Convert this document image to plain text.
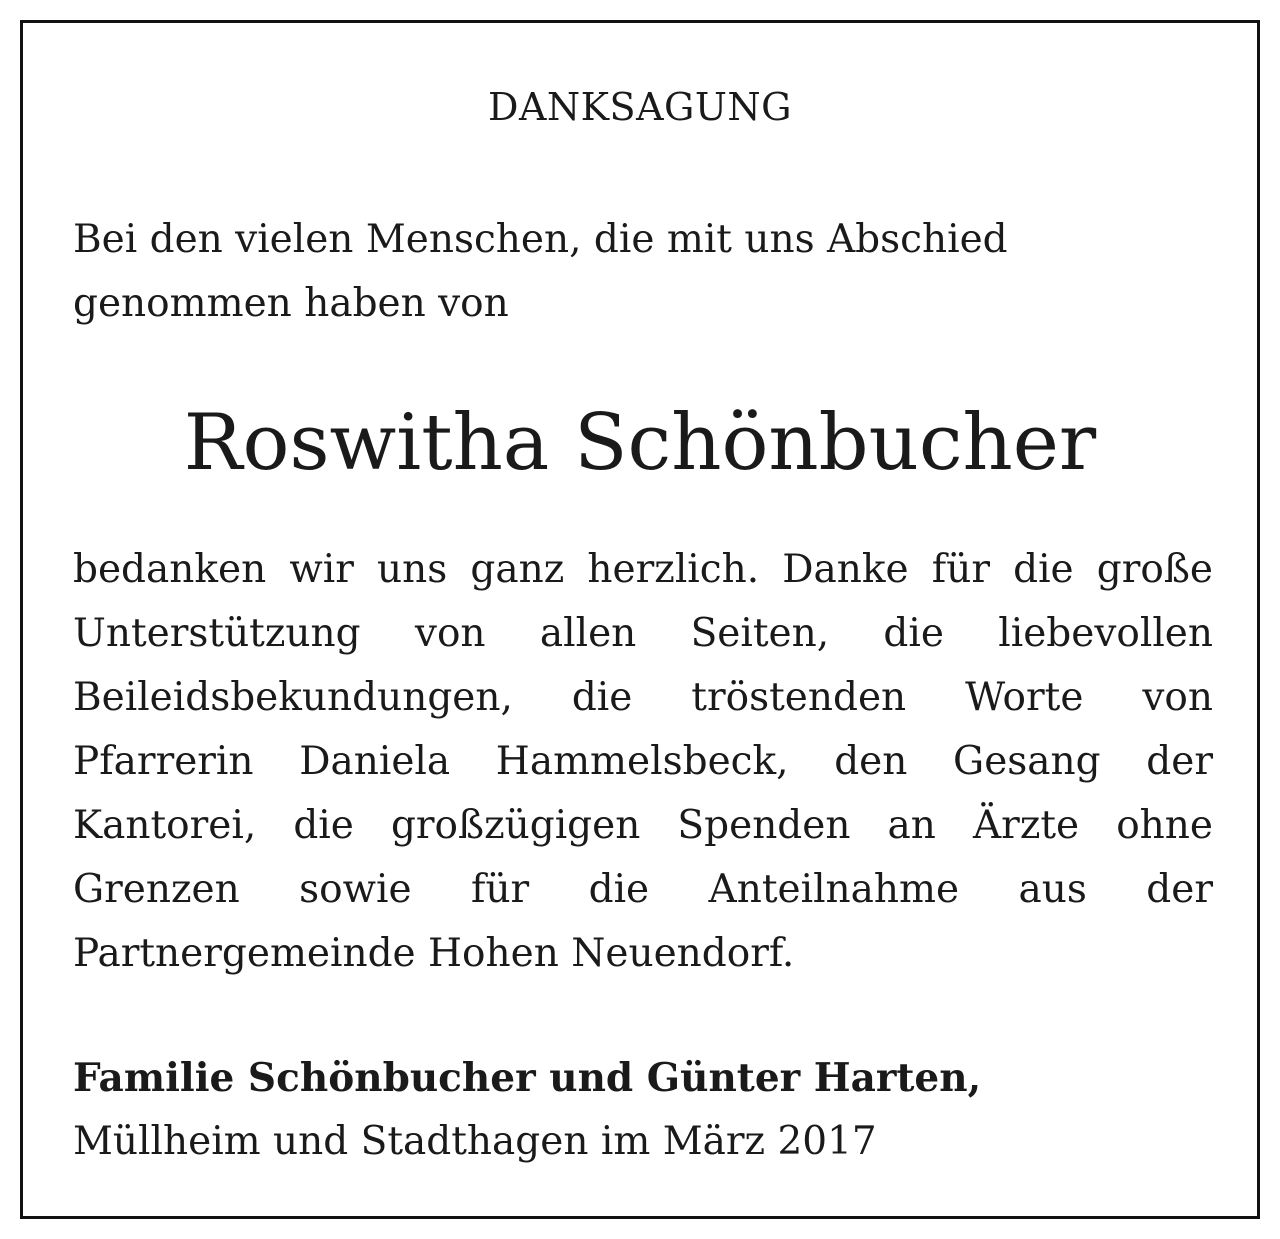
DANKSAGUNG
Bei den vielen Menschen, die mit uns Abschied genommen haben von
Roswitha Schönbucher
bedanken wir uns ganz herzlich. Danke für die große Unterstützung von allen Seiten, die liebevollen Beileidsbekundungen, die tröstenden Worte von Pfarrerin Daniela Hammelsbeck, den Gesang der Kantorei, die großzügigen Spenden an Ärzte ohne Grenzen sowie für die Anteilnahme aus der Partnergemeinde Hohen Neuendorf.
Familie Schönbucher und Günter Harten,
Müllheim und Stadthagen im März 2017
